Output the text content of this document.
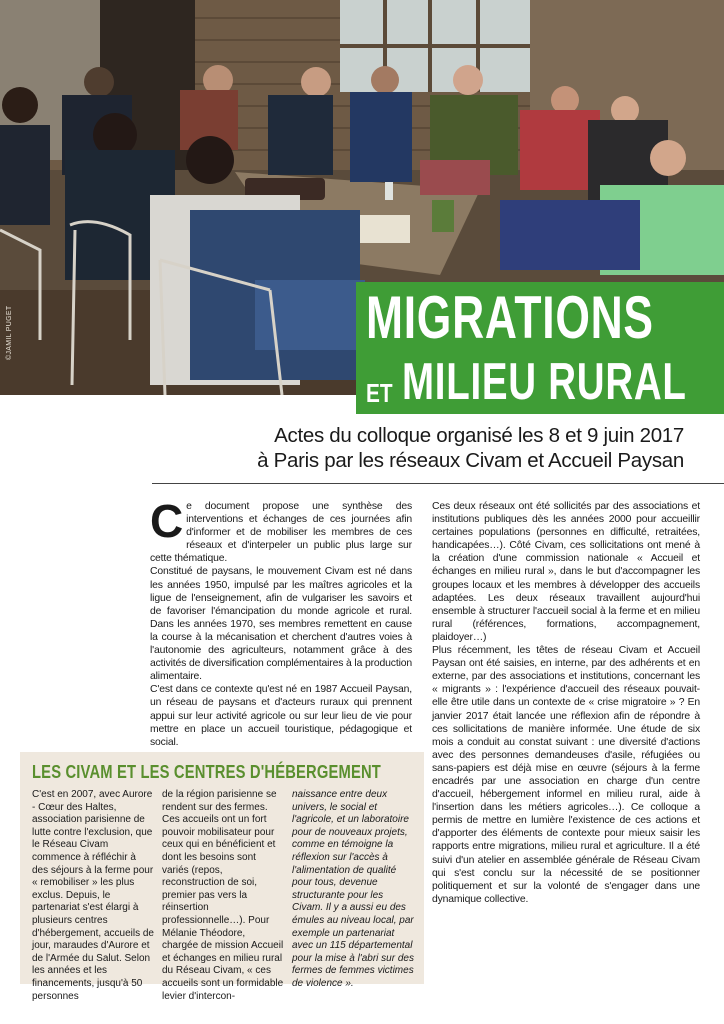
MIGRATIONS
ET MILIEU RURAL
Actes du colloque organisé les 8 et 9 juin 2017
à Paris par les réseaux Civam et Accueil Paysan
C e document propose une synthèse des interventions et échanges de ces journées afin d'informer et de mobiliser les membres de ces réseaux et d'interpeler un public plus large sur cette thématique.

Constitué de paysans, le mouvement Civam est né dans les années 1950, impulsé par les maîtres agricoles et la ligue de l'enseignement, afin de vulgariser les savoirs et de favoriser l'émancipation du monde agricole et rural. Dans les années 1970, ses membres remettent en cause la course à la mécanisation et cherchent d'autres voies à l'autonomie des agriculteurs, notamment grâce à des activités de diversification complémentaires à la production alimentaire.

C'est dans ce contexte qu'est né en 1987 Accueil Paysan, un réseau de paysans et d'acteurs ruraux qui prennent appui sur leur activité agricole ou sur leur lieu de vie pour mettre en place un accueil touristique, pédagogique et social.

Ces deux réseaux ont été sollicités par des associations et institutions publiques dès les années 2000 pour accueillir certaines populations (personnes en difficulté, retraitées, handicapées…). Côté Civam, ces sollicitations ont mené à la création d'une commission nationale « Accueil et échanges en milieu rural », dans le but d'accompagner les groupes locaux et les membres à développer des accueils adaptées. Les deux réseaux travaillent aujourd'hui ensemble à structurer l'accueil social à la ferme et en milieu rural (références, formations, accompagnement, plaidoyer…)

Plus récemment, les têtes de réseau Civam et Accueil Paysan ont été saisies, en interne, par des adhérents et en externe, par des associations et institutions, concernant les « migrants » : l'expérience d'accueil des réseaux pouvait-elle être utile dans un contexte de « crise migratoire » ? En janvier 2017 était lancée une réflexion afin de répondre à ces sollicitations de manière informée. Une étude de six mois a conduit au constat suivant : une diversité d'actions avec des personnes demandeuses d'asile, réfugiées ou sans-papiers est déjà mise en œuvre (séjours à la ferme encadrés par une association en charge d'un centre d'accueil, hébergement informel en milieu rural, aide à l'insertion dans les métiers agricoles…). Ce colloque a permis de mettre en lumière l'existence de ces actions et d'apporter des éléments de contexte pour mieux saisir les rapports entre migrations, milieu rural et agriculture. Il a été suivi d'un atelier en assemblée générale de Réseau Civam qui s'est conclu sur la nécessité de se positionner politiquement et sur la volonté de s'engager dans une dynamique collective.

LES CIVAM ET LES CENTRES D'HÉBERGEMENT
C'est en 2007, avec Aurore - Cœur des Haltes, association parisienne de lutte contre l'exclusion, que le Réseau Civam commence à réfléchir à des séjours à la ferme pour « remobiliser » les plus exclus. Depuis, le partenariat s'est élargi à plusieurs centres d'hébergement, accueils de jour, maraudes d'Aurore et de l'Armée du Salut. Selon les années et les financements, jusqu'à 50 personnes
de la région parisienne se rendent sur des fermes. Ces accueils ont un fort pouvoir mobilisateur pour ceux qui en bénéficient et dont les besoins sont variés (repos, reconstruction de soi, premier pas vers la réinsertion professionnelle…). Pour Mélanie Théodore, chargée de mission Accueil et échanges en milieu rural du Réseau Civam, « ces accueils sont un formidable levier d'intercon-
naissance entre deux univers, le social et l'agricole, et un laboratoire pour de nouveaux projets, comme en témoigne la réflexion sur l'accès à l'alimentation de qualité pour tous, devenue structurante pour les Civam. Il y a aussi eu des émules au niveau local, par exemple un partenariat avec un 115 départemental pour la mise à l'abri sur des fermes de femmes victimes de violence ».
